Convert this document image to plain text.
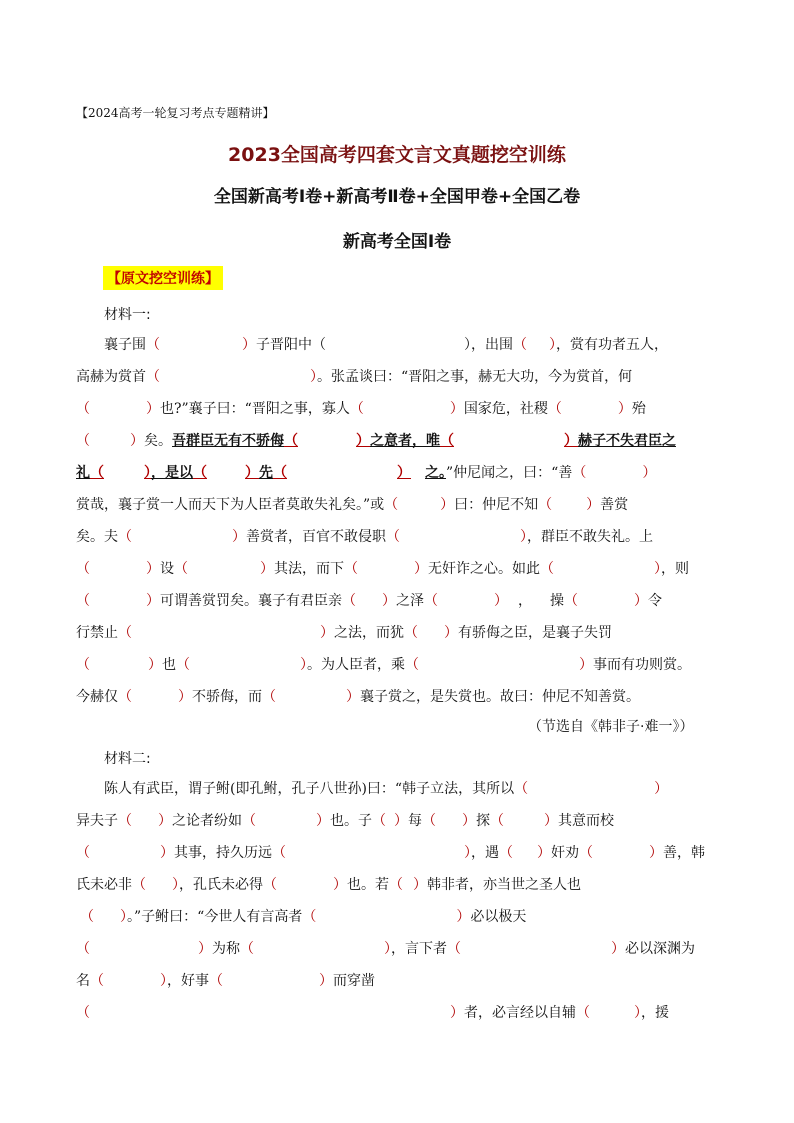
【2024高考一轮复习考点专题精讲】
2023全国高考四套文言文真题挖空训练
全国新高考Ⅰ卷+新高考Ⅱ卷+全国甲卷+全国乙卷
新高考全国Ⅰ卷
【原文挖空训练】
材料一:
襄子围（	）子晋阳中（	），出围（ ），赏有功者五人，
高赫为赏首（	）。张孟谈曰：“晋阳之事，赫无大功，今为赏首，何
（	）也?”襄子曰：“晋阳之事，寡人（	）国家危，社稷（	）殆
（	）矣。吾群臣无有不骄侮（	）之意者，唯（	）赫子不失君臣之
礼（	），是以（	）先（	） 之。”仲尼闻之，曰：“善（	）
赏哉，襄子赏一人而天下为人臣者莫敢失礼矣。”或（	）曰：仲尼不知（ ）善赏
矣。夫（	）善赏者，百官不敢侵职（	），群臣不敢失礼。上
（	）设（	）其法，而下（	）无奸诈之心。如此（	），则
（	）可谓善赏罚矣。襄子有君臣亲（ ）之泽（	） ， 操（	）令
行禁止（	）之法，而犹（ ）有骄侮之臣，是襄子失罚
（	）也（	）。为人臣者，乘（	）事而有功则赏。
今赫仅（	）不骄侮，而（	）襄子赏之，是失赏也。故曰：仲尼不知善赏。
（节选自《韩非子·难一》）
材料二:
陈人有武臣，谓子鲋(即孔鲋，孔子八世孙)曰：“韩子立法，其所以（	）
异夫子（ ）之论者纷如（	）也。子（ ）每（ ）探（	）其意而校
（	）其事，持久历远（	），遇（ ）奸劝（	）善，韩
氏未必非（ ），孔氏未必得（	）也。若（ ）韩非者，亦当世之圣人也
（ ）。”子鲋曰：“今世人有言高者（	）必以极天
（	）为称（	），言下者（	）必以深渊为
名（	），好事（	）而穿凿
（	）者，必言经以自辅（	），援
